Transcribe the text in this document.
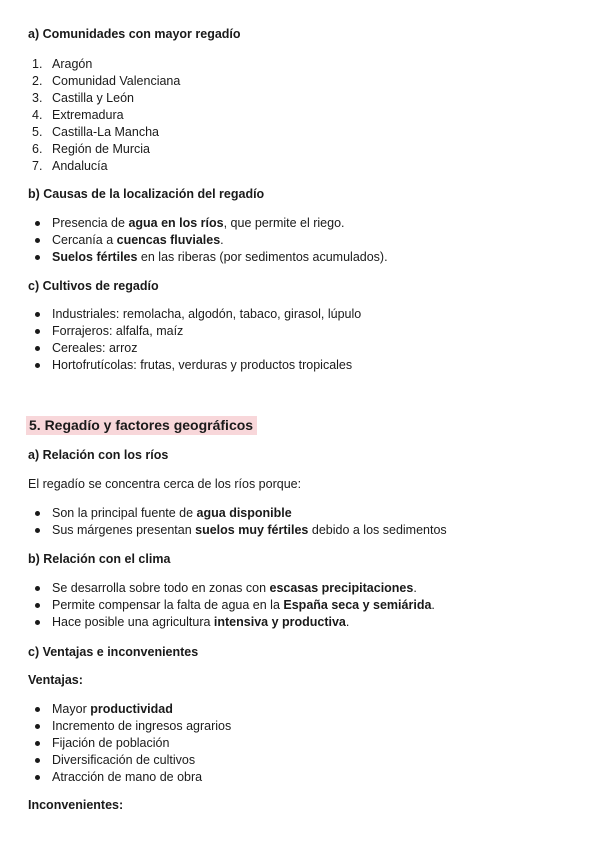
a) Comunidades con mayor regadío
1. Aragón
2. Comunidad Valenciana
3. Castilla y León
4. Extremadura
5. Castilla-La Mancha
6. Región de Murcia
7. Andalucía
b) Causas de la localización del regadío
Presencia de agua en los ríos, que permite el riego.
Cercanía a cuencas fluviales.
Suelos fértiles en las riberas (por sedimentos acumulados).
c) Cultivos de regadío
Industriales: remolacha, algodón, tabaco, girasol, lúpulo
Forrajeros: alfalfa, maíz
Cereales: arroz
Hortofrutícolas: frutas, verduras y productos tropicales
5. Regadío y factores geográficos
a) Relación con los ríos
El regadío se concentra cerca de los ríos porque:
Son la principal fuente de agua disponible
Sus márgenes presentan suelos muy fértiles debido a los sedimentos
b) Relación con el clima
Se desarrolla sobre todo en zonas con escasas precipitaciones.
Permite compensar la falta de agua en la España seca y semiárida.
Hace posible una agricultura intensiva y productiva.
c) Ventajas e inconvenientes
Ventajas:
Mayor productividad
Incremento de ingresos agrarios
Fijación de población
Diversificación de cultivos
Atracción de mano de obra
Inconvenientes:
